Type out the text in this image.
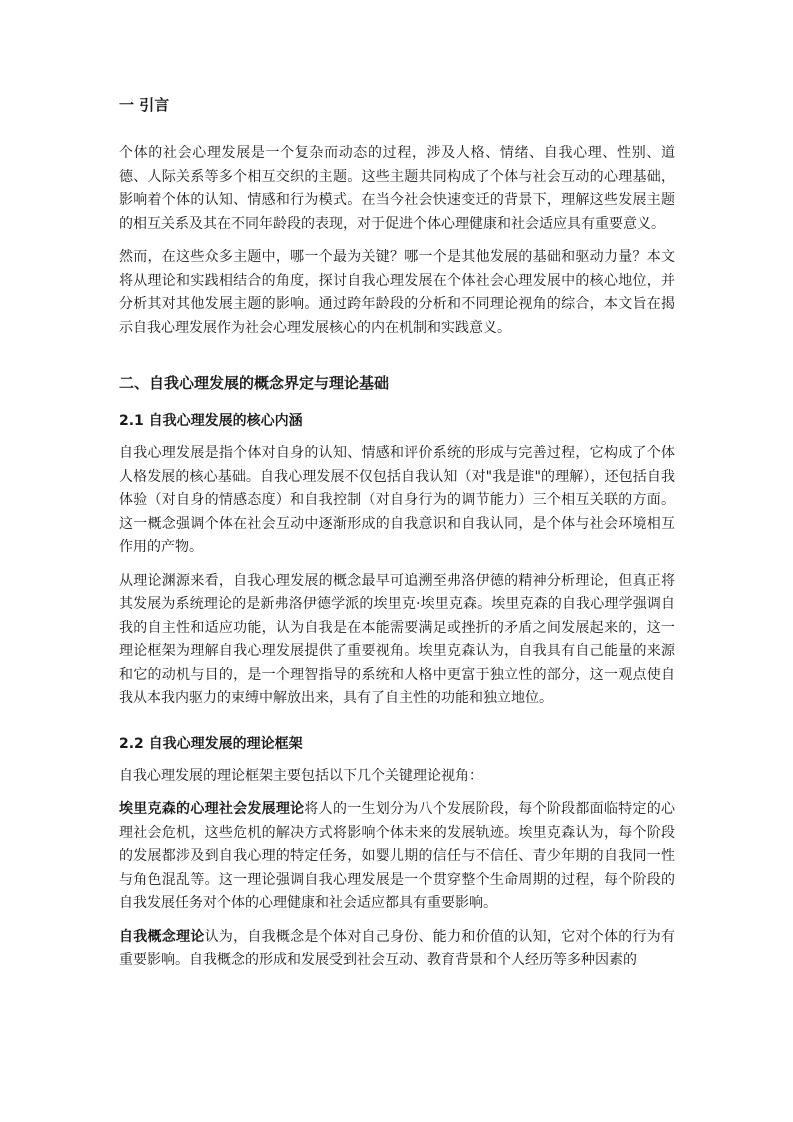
一 引言

个体的社会心理发展是一个复杂而动态的过程，涉及人格、情绪、自我心理、性别、道德、人际关系等多个相互交织的主题。这些主题共同构成了个体与社会互动的心理基础，影响着个体的认知、情感和行为模式。在当今社会快速变迁的背景下，理解这些发展主题的相互关系及其在不同年龄段的表现，对于促进个体心理健康和社会适应具有重要意义。

然而，在这些众多主题中，哪一个最为关键？哪一个是其他发展的基础和驱动力量？本文将从理论和实践相结合的角度，探讨自我心理发展在个体社会心理发展中的核心地位，并分析其对其他发展主题的影响。通过跨年龄段的分析和不同理论视角的综合，本文旨在揭示自我心理发展作为社会心理发展核心的内在机制和实践意义。

二、自我心理发展的概念界定与理论基础
2.1 自我心理发展的核心内涵

自我心理发展是指个体对自身的认知、情感和评价系统的形成与完善过程，它构成了个体人格发展的核心基础。自我心理发展不仅包括自我认知（对"我是谁"的理解），还包括自我体验（对自身的情感态度）和自我控制（对自身行为的调节能力）三个相互关联的方面。这一概念强调个体在社会互动中逐渐形成的自我意识和自我认同，是个体与社会环境相互作用的产物。

从理论渊源来看，自我心理发展的概念最早可追溯至弗洛伊德的精神分析理论，但真正将其发展为系统理论的是新弗洛伊德学派的埃里克·埃里克森。埃里克森的自我心理学强调自我的自主性和适应功能，认为自我是在本能需要满足或挫折的矛盾之间发展起来的，这一理论框架为理解自我心理发展提供了重要视角。埃里克森认为，自我具有自己能量的来源和它的动机与目的，是一个理智指导的系统和人格中更富于独立性的部分，这一观点使自我从本我内驱力的束缚中解放出来，具有了自主性的功能和独立地位。

2.2 自我心理发展的理论框架

自我心理发展的理论框架主要包括以下几个关键理论视角：

埃里克森的心理社会发展理论将人的一生划分为八个发展阶段，每个阶段都面临特定的心理社会危机，这些危机的解决方式将影响个体未来的发展轨迹。埃里克森认为，每个阶段的发展都涉及到自我心理的特定任务，如婴儿期的信任与不信任、青少年期的自我同一性与角色混乱等。这一理论强调自我心理发展是一个贯穿整个生命周期的过程，每个阶段的自我发展任务对个体的心理健康和社会适应都具有重要影响。

自我概念理论认为，自我概念是个体对自己身份、能力和价值的认知，它对个体的行为有重要影响。自我概念的形成和发展受到社会互动、教育背景和个人经历等多种因素的
